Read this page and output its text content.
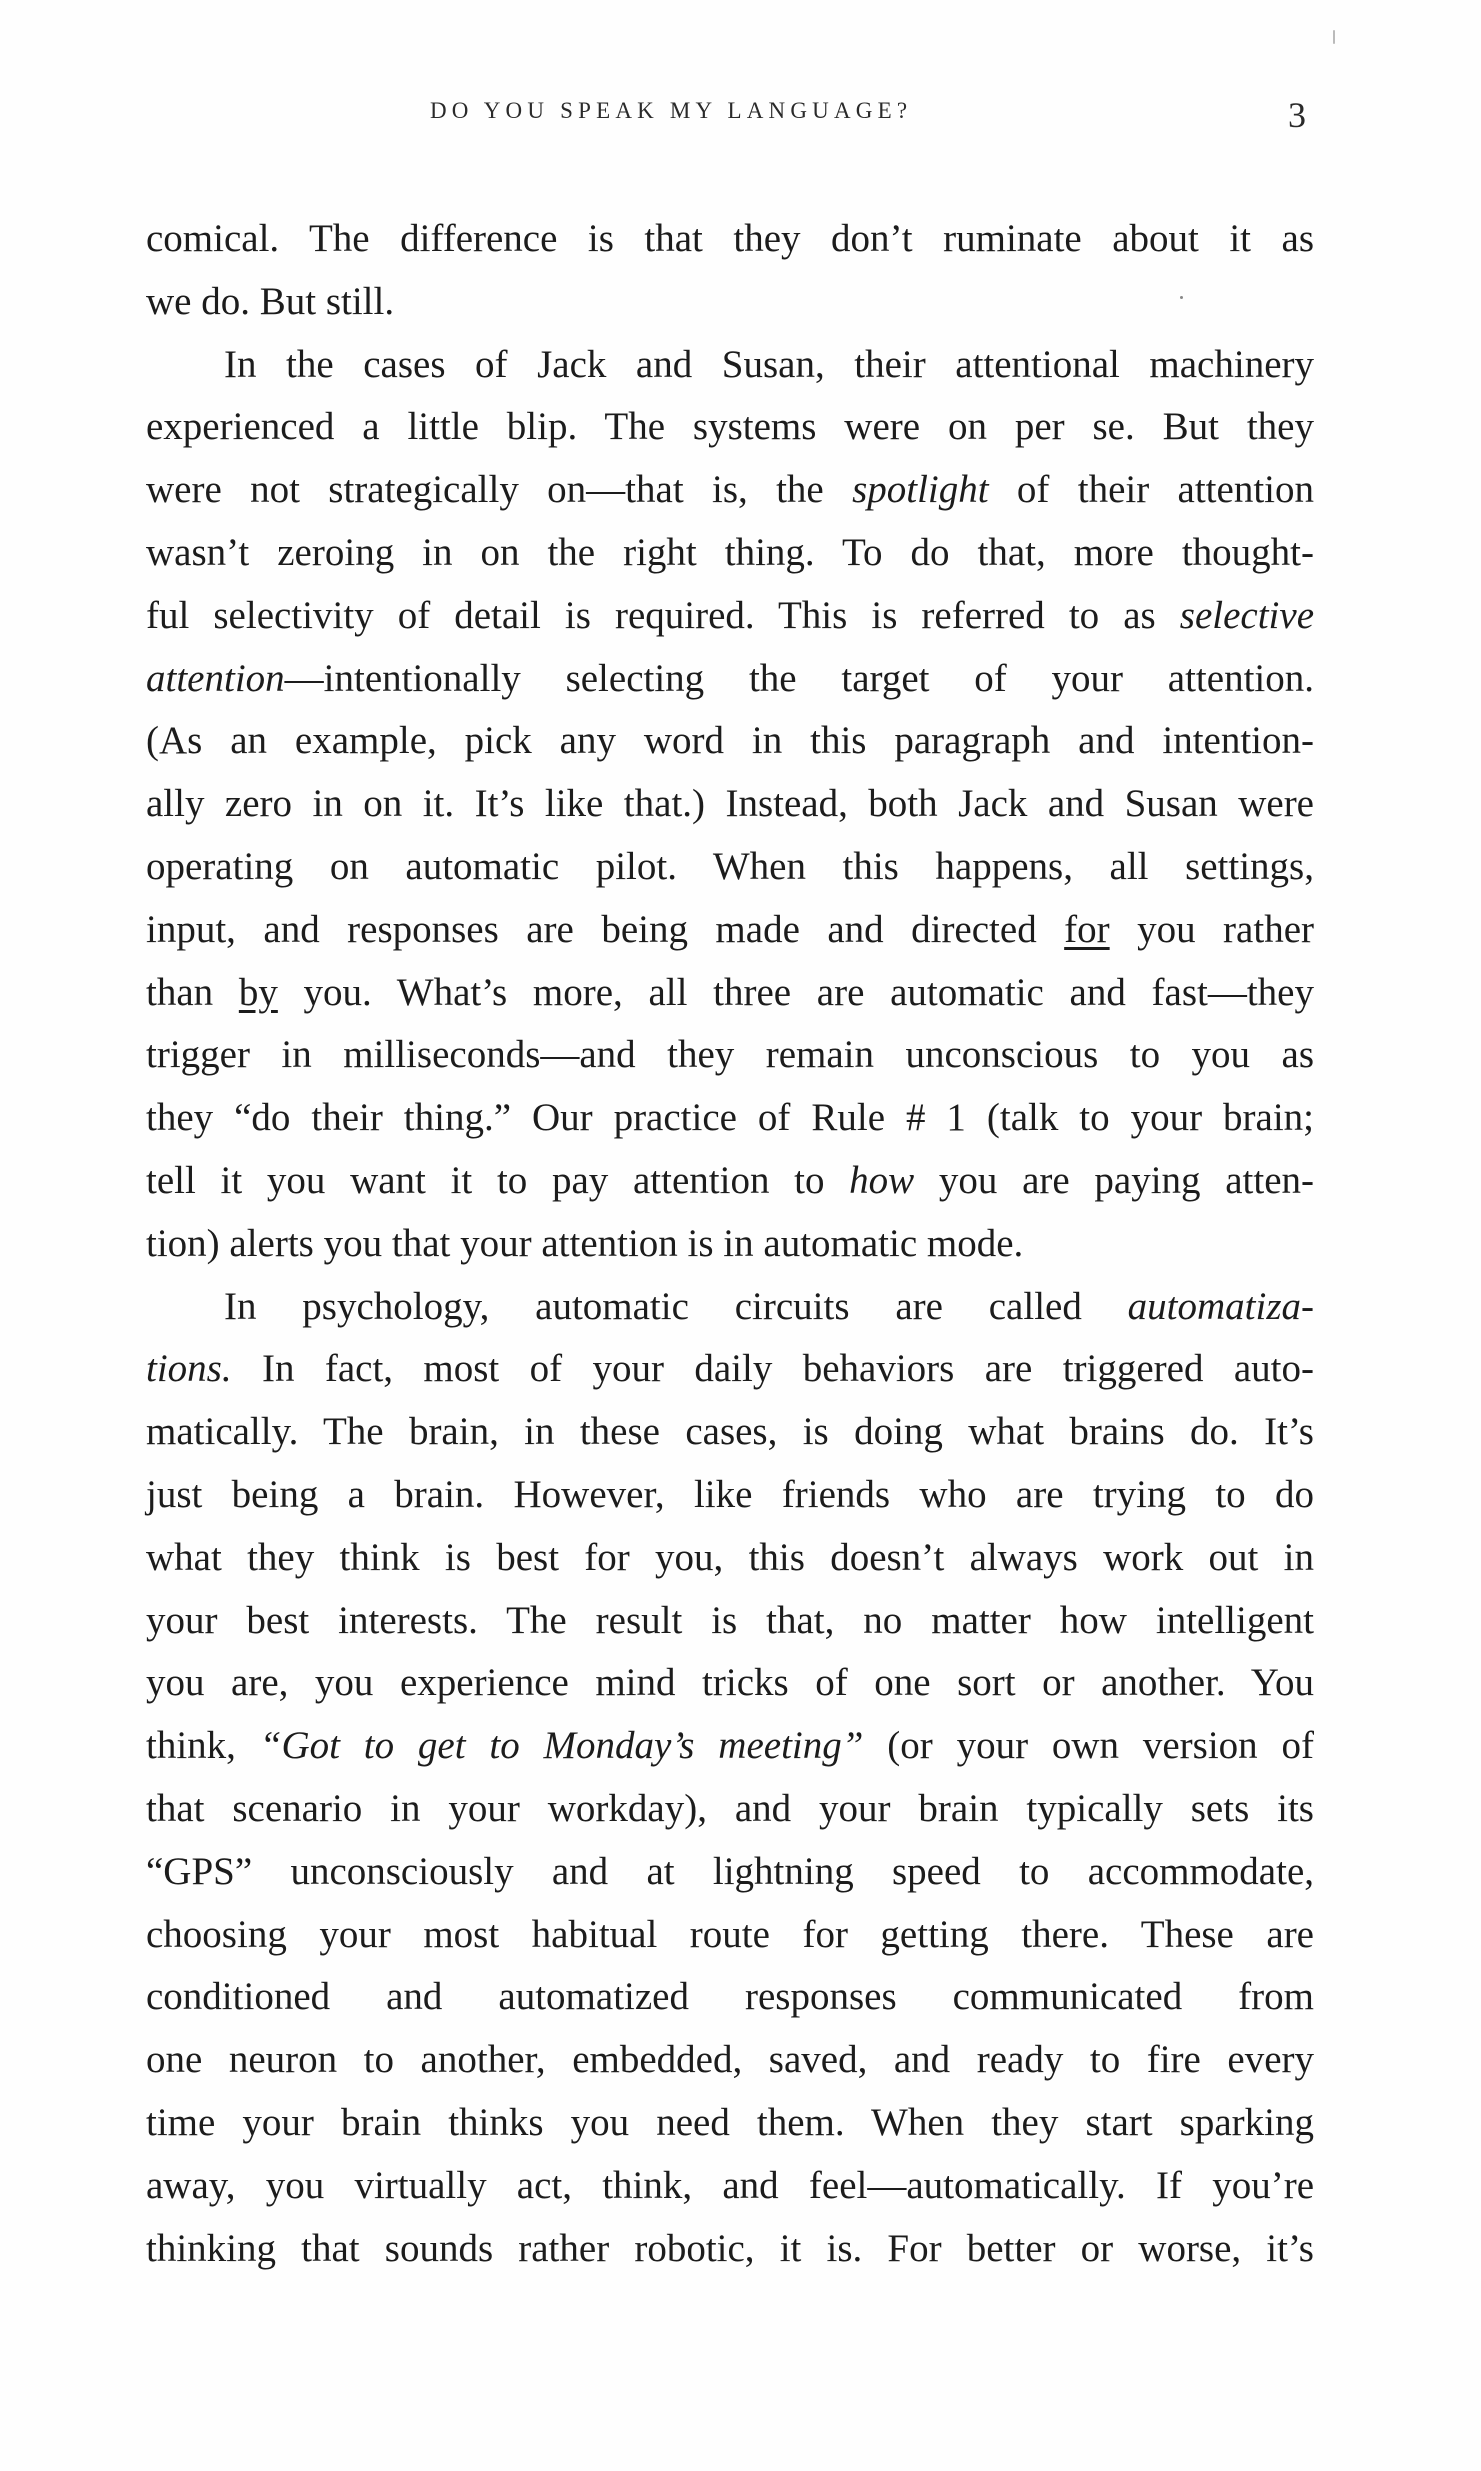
DO YOU SPEAK MY LANGUAGE?	3
comical. The difference is that they don’t ruminate about it as
we do. But still.
In the cases of Jack and Susan, their attentional machinery
experienced a little blip. The systems were on per se. But they
were not strategically on—that is, the spotlight of their attention
wasn’t zeroing in on the right thing. To do that, more thought-
ful selectivity of detail is required. This is referred to as selective
attention—intentionally selecting the target of your attention.
(As an example, pick any word in this paragraph and intention-
ally zero in on it. It’s like that.) Instead, both Jack and Susan were
operating on automatic pilot. When this happens, all settings,
input, and responses are being made and directed for you rather
than by you. What’s more, all three are automatic and fast—they
trigger in milliseconds—and they remain unconscious to you as
they “do their thing.” Our practice of Rule # 1 (talk to your brain;
tell it you want it to pay attention to how you are paying atten-
tion) alerts you that your attention is in automatic mode.
In psychology, automatic circuits are called automatiza-
tions. In fact, most of your daily behaviors are triggered auto-
matically. The brain, in these cases, is doing what brains do. It’s
just being a brain. However, like friends who are trying to do
what they think is best for you, this doesn’t always work out in
your best interests. The result is that, no matter how intelligent
you are, you experience mind tricks of one sort or another. You
think, “Got to get to Monday’s meeting” (or your own version of
that scenario in your workday), and your brain typically sets its
“GPS” unconsciously and at lightning speed to accommodate,
choosing your most habitual route for getting there. These are
conditioned and automatized responses communicated from
one neuron to another, embedded, saved, and ready to fire every
time your brain thinks you need them. When they start sparking
away, you virtually act, think, and feel—automatically. If you’re
thinking that sounds rather robotic, it is. For better or worse, it’s
